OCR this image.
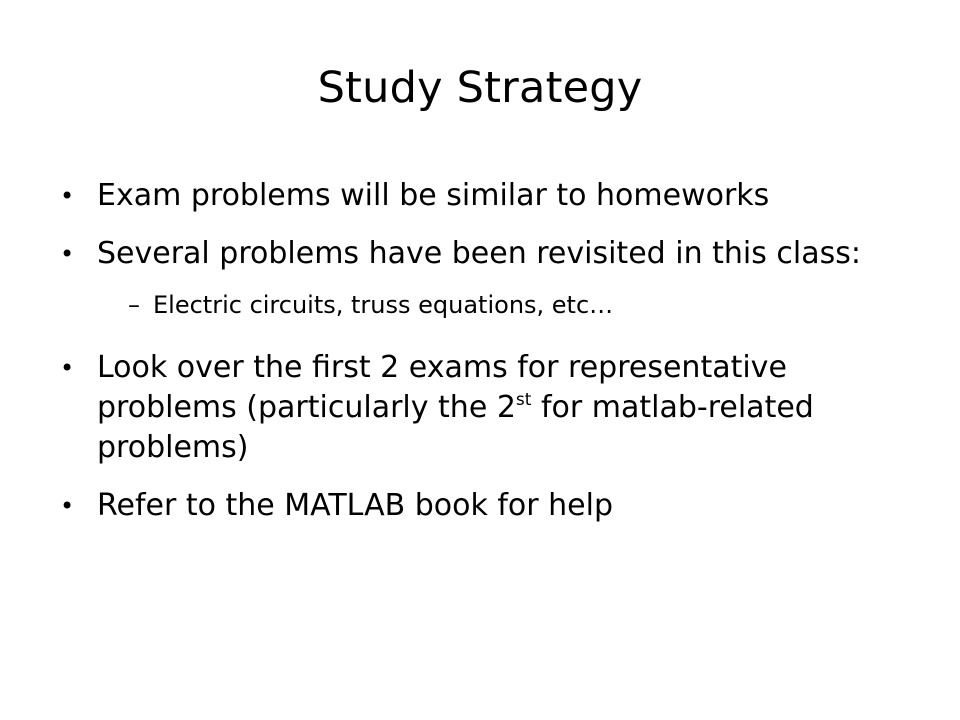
Study Strategy
• Exam problems will be similar to homeworks
• Several problems have been revisited in this class:
– Electric circuits, truss equations, etc…
• Look over the first 2 exams for representative problems (particularly the 2st for matlab-related problems)
• Refer to the MATLAB book for help
